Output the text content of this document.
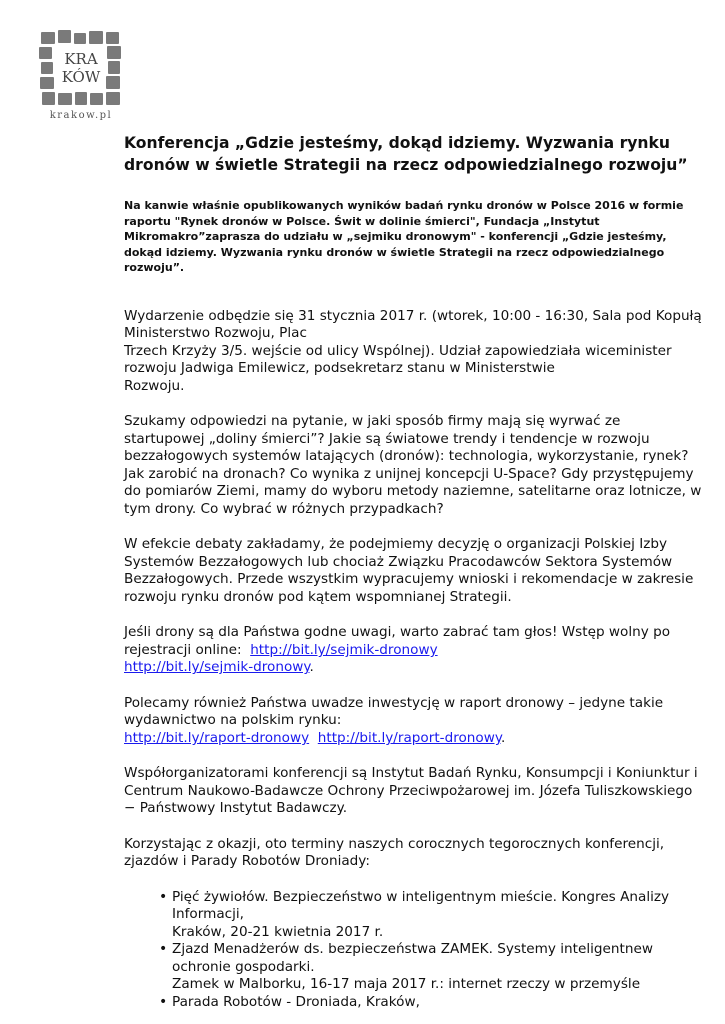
KRA
KÓW
krakow.pl
Konferencja „Gdzie jesteśmy, dokąd idziemy. Wyzwania rynku dronów w świetle Strategii na rzecz odpowiedzialnego rozwoju”

Na kanwie właśnie opublikowanych wyników badań rynku dronów w Polsce 2016 w formie raportu "Rynek dronów w Polsce. Świt w dolinie śmierci", Fundacja „Instytut Mikromakro”zaprasza do udziału w „sejmiku dronowym" - konferencji „Gdzie jesteśmy, dokąd idziemy. Wyzwania rynku dronów w świetle Strategii na rzecz odpowiedzialnego rozwoju”.

Wydarzenie odbędzie się 31 stycznia 2017 r. (wtorek, 10:00 - 16:30, Sala pod Kopułą Ministerstwo Rozwoju, Plac
Trzech Krzyży 3/5. wejście od ulicy Wspólnej). Udział zapowiedziała wiceminister rozwoju Jadwiga Emilewicz, podsekretarz stanu w Ministerstwie
Rozwoju.

Szukamy odpowiedzi na pytanie, w jaki sposób firmy mają się wyrwać ze startupowej „doliny śmierci”? Jakie są światowe trendy i tendencje w rozwoju bezzałogowych systemów latających (dronów): technologia, wykorzystanie, rynek? Jak zarobić na dronach? Co wynika z unijnej koncepcji U-Space? Gdy przystępujemy do pomiarów Ziemi, mamy do wyboru metody naziemne, satelitarne oraz lotnicze, w tym drony. Co wybrać w różnych przypadkach?

W efekcie debaty zakładamy, że podejmiemy decyzję o organizacji Polskiej Izby Systemów Bezzałogowych lub chociaż Związku Pracodawców Sektora Systemów Bezzałogowych. Przede wszystkim wypracujemy wnioski i rekomendacje w zakresie rozwoju rynku dronów pod kątem wspomnianej Strategii.

Jeśli drony są dla Państwa godne uwagi, warto zabrać tam głos! Wstęp wolny po rejestracji online: http://bit.ly/sejmik-dronowy
http://bit.ly/sejmik-dronowy.

Polecamy również Państwa uwadze inwestycję w raport dronowy – jedyne takie wydawnictwo na polskim rynku:
http://bit.ly/raport-dronowy http://bit.ly/raport-dronowy.

Współorganizatorami konferencji są Instytut Badań Rynku, Konsumpcji i Koniunktur i Centrum Naukowo-Badawcze Ochrony Przeciwpożarowej im. Józefa Tuliszkowskiego − Państwowy Instytut Badawczy.

Korzystając z okazji, oto terminy naszych corocznych tegorocznych konferencji, zjazdów i Parady Robotów Droniady:

• Pięć żywiołów. Bezpieczeństwo w inteligentnym mieście. Kongres Analizy Informacji,
Kraków, 20-21 kwietnia 2017 r.
• Zjazd Menadżerów ds. bezpieczeństwa ZAMEK. Systemy inteligentnew ochronie gospodarki.
Zamek w Malborku, 16-17 maja 2017 r.: internet rzeczy w przemyśle
• Parada Robotów - Droniada, Kraków,
